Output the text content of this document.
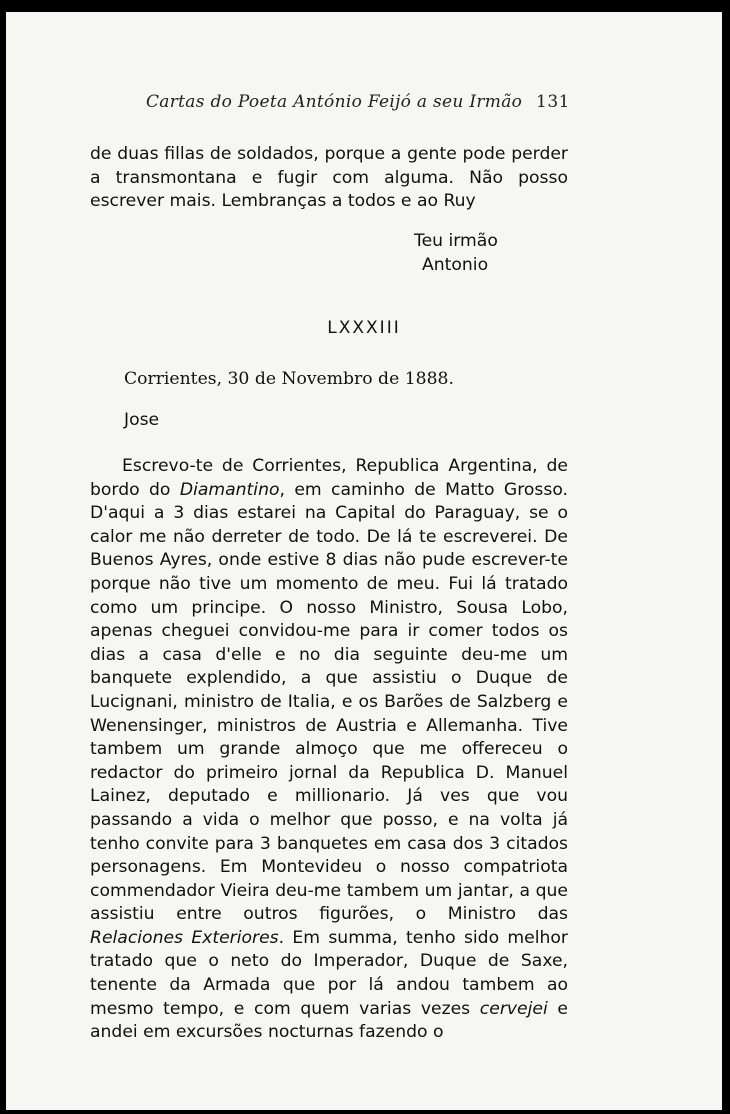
Cartas do Poeta António Feijó a seu Irmão 131
de duas fillas de soldados, porque a gente pode perder a transmontana e fugir com alguma. Não posso escrever mais. Lembranças a todos e ao Ruy
Teu irmão
Antonio
LXXXIII
Corrientes, 30 de Novembro de 1888.
Jose
Escrevo-te de Corrientes, Republica Argentina, de bordo do Diamantino, em caminho de Matto Grosso. D'aqui a 3 dias estarei na Capital do Paraguay, se o calor me não derreter de todo. De lá te escreverei. De Buenos Ayres, onde estive 8 dias não pude escrever-te porque não tive um momento de meu. Fui lá tratado como um principe. O nosso Ministro, Sousa Lobo, apenas cheguei convidou-me para ir comer todos os dias a casa d'elle e no dia seguinte deu-me um banquete explendido, a que assistiu o Duque de Lucignani, ministro de Italia, e os Barões de Salzberg e Wenensinger, ministros de Austria e Allemanha. Tive tambem um grande almoço que me offereceu o redactor do primeiro jornal da Republica D. Manuel Lainez, deputado e millionario. Já ves que vou passando a vida o melhor que posso, e na volta já tenho convite para 3 banquetes em casa dos 3 citados personagens. Em Montevideu o nosso compatriota commendador Vieira deu-me tambem um jantar, a que assistiu entre outros figurões, o Ministro das Relaciones Exteriores. Em summa, tenho sido melhor tratado que o neto do Imperador, Duque de Saxe, tenente da Armada que por lá andou tambem ao mesmo tempo, e com quem varias vezes cervejei e andei em excursões nocturnas fazendo o
